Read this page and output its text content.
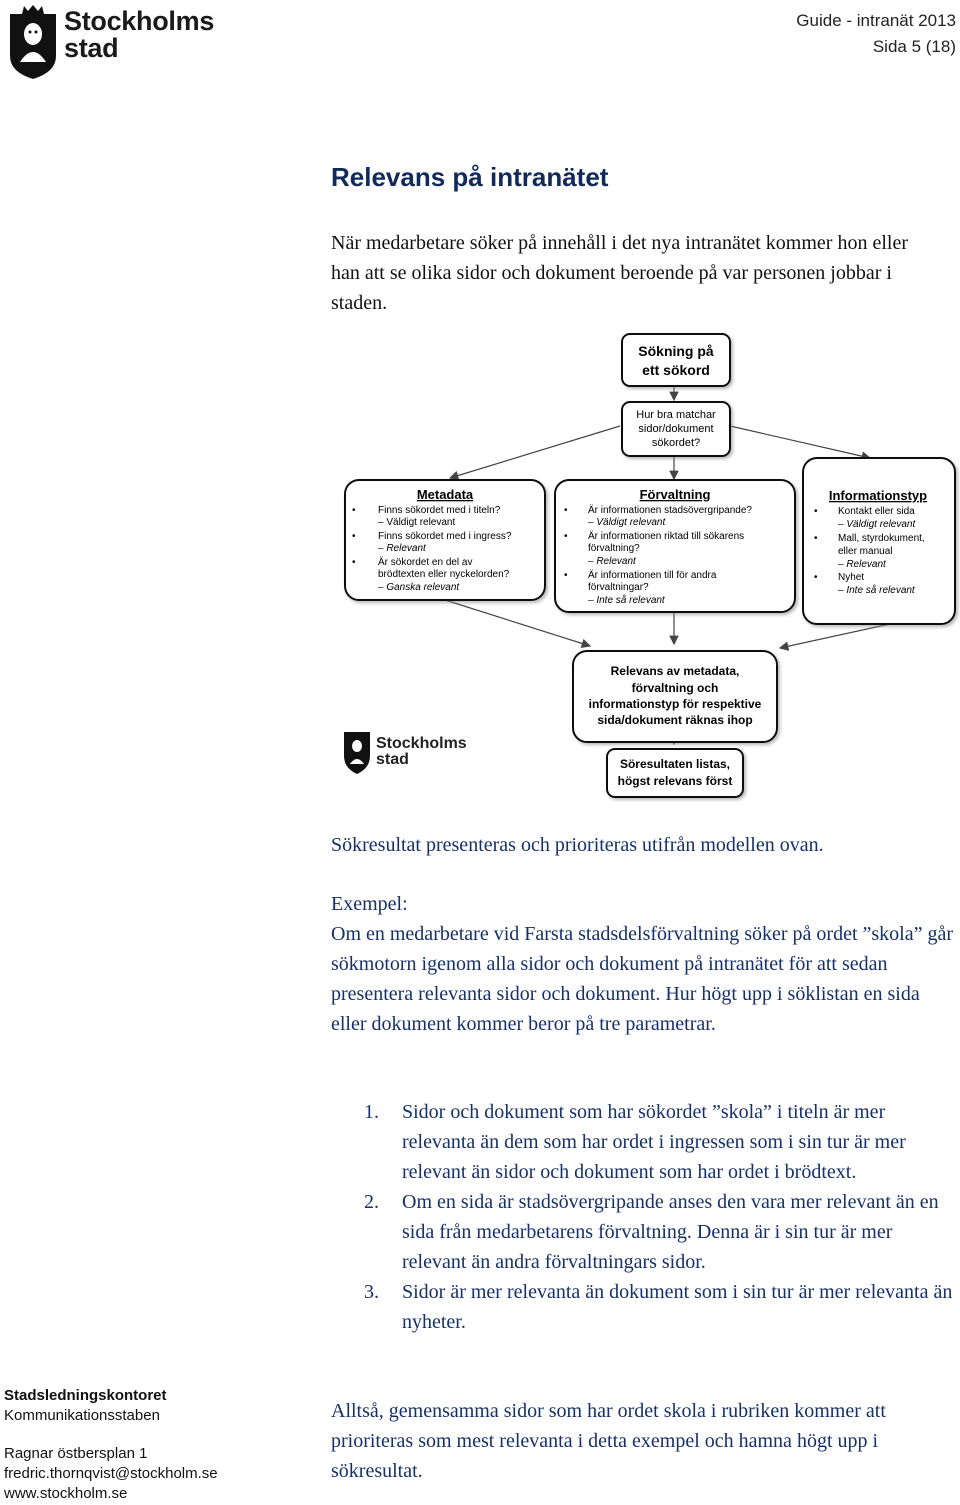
Stockholms
stad
Guide - intranät 2013
Sida 5 (18)
Relevans på intranätet

När medarbetare söker på innehåll i det nya intranätet kommer hon eller han att se olika sidor och dokument beroende på var personen jobbar i staden.

Sökning på
ett sökord
Hur bra matchar
sidor/dokument
sökordet?
Metadata
• Finns sökordet med i titeln?
– Väldigt relevant
• Finns sökordet med i ingress?
– Relevant
• Är sökordet en del av
brödtexten eller nyckelorden?
– Ganska relevant
Förvaltning
• Är informationen stadsövergripande?
– Väldigt relevant
• Är informationen riktad till sökarens
förvaltning?
– Relevant
• Är informationen till för andra
förvaltningar?
– Inte så relevant
Informationstyp
• Kontakt eller sida
– Väldigt relevant
• Mall, styrdokument,
eller manual
– Relevant
• Nyhet
– Inte så relevant
Relevans av metadata,
förvaltning och
informationstyp för respektive
sida/dokument räknas ihop
Söresultaten listas,
högst relevans först
Stockholms
stad

Sökresultat presenteras och prioriteras utifrån modellen ovan.

Exempel:

Om en medarbetare vid Farsta stadsdelsförvaltning söker på ordet ”skola” går sökmotorn igenom alla sidor och dokument på intranätet för att sedan presentera relevanta sidor och dokument. Hur högt upp i söklistan en sida eller dokument kommer beror på tre parametrar.

1. Sidor och dokument som har sökordet ”skola” i titeln är mer relevanta än dem som har ordet i ingressen som i sin tur är mer relevant än sidor och dokument som har ordet i brödtext.
2. Om en sida är stadsövergripande anses den vara mer relevant än en sida från medarbetarens förvaltning. Denna är i sin tur är mer relevant än andra förvaltningars sidor.
3. Sidor är mer relevanta än dokument som i sin tur är mer relevanta än nyheter.

Alltså, gemensamma sidor som har ordet skola i rubriken kommer att prioriteras som mest relevanta i detta exempel och hamna högt upp i sökresultat.

Stadsledningskontoret
Kommunikationsstaben
Ragnar östbersplan 1
fredric.thornqvist@stockholm.se
www.stockholm.se
